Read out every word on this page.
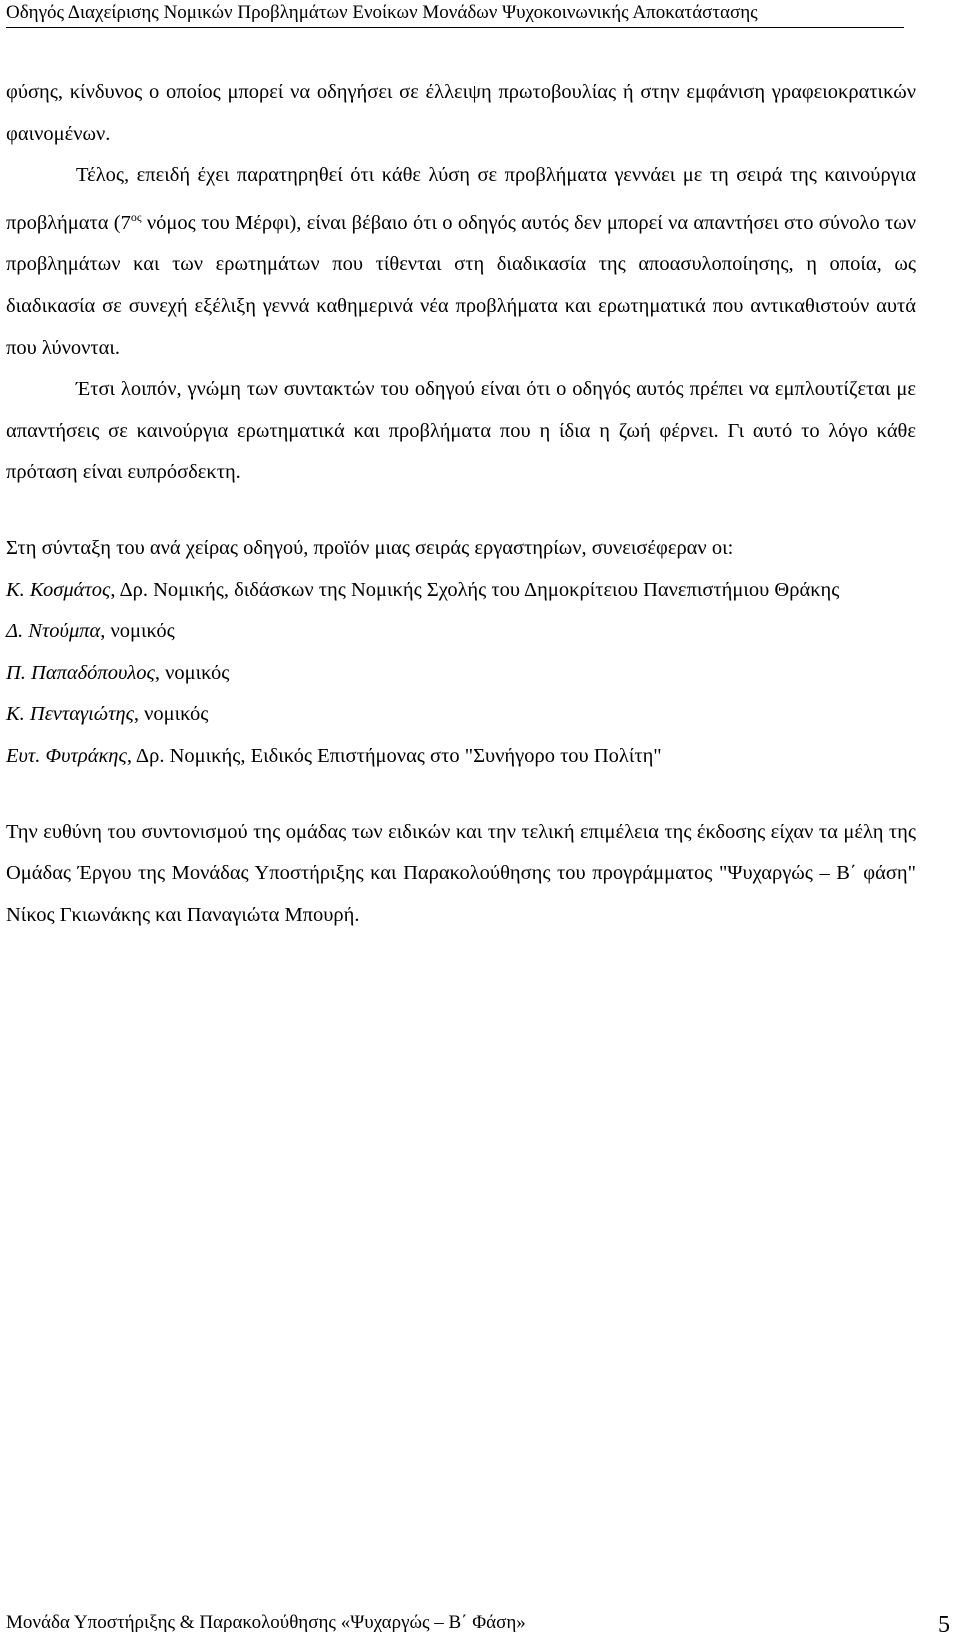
Οδηγός Διαχείρισης Νομικών Προβλημάτων Ενοίκων Μονάδων Ψυχοκοινωνικής Αποκατάστασης

φύσης, κίνδυνος ο οποίος μπορεί να οδηγήσει σε έλλειψη πρωτοβουλίας ή στην εμφάνιση γραφειοκρατικών φαινομένων.

Τέλος, επειδή έχει παρατηρηθεί ότι κάθε λύση σε προβλήματα γεννάει με τη σειρά της καινούργια προβλήματα ($7^{o\varsigma}$ νόμος του Μέρφι), είναι βέβαιο ότι ο οδηγός αυτός δεν μπορεί να απαντήσει στο σύνολο των προβλημάτων και των ερωτημάτων που τίθενται στη διαδικασία της αποασυλοποίησης, η οποία, ως διαδικασία σε συνεχή εξέλιξη γεννά καθημερινά νέα προβλήματα και ερωτηματικά που αντικαθιστούν αυτά που λύνονται.

Έτσι λοιπόν, γνώμη των συντακτών του οδηγού είναι ότι ο οδηγός αυτός πρέπει να εμπλουτίζεται με απαντήσεις σε καινούργια ερωτηματικά και προβλήματα που η ίδια η ζωή φέρνει. Γι αυτό το λόγο κάθε πρόταση είναι ευπρόσδεκτη.

Στη σύνταξη του ανά χείρας οδηγού, προϊόν μιας σειράς εργαστηρίων, συνεισέφεραν οι:

Κ. Κοσμάτος, Δρ. Νομικής, διδάσκων της Νομικής Σχολής του Δημοκρίτειου Πανεπιστήμιου Θράκης

Δ. Ντούμπα, νομικός

Π. Παπαδόπουλος, νομικός

Κ. Πενταγιώτης, νομικός

Ευτ. Φυτράκης, Δρ. Νομικής, Ειδικός Επιστήμονας στο "Συνήγορο του Πολίτη"

Την ευθύνη του συντονισμού της ομάδας των ειδικών και την τελική επιμέλεια της έκδοσης είχαν τα μέλη της Ομάδας Έργου της Μονάδας Υποστήριξης και Παρακολούθησης του προγράμματος "Ψυχαργώς – Β΄ φάση" Νίκος Γκιωνάκης και Παναγιώτα Μπουρή.

Μονάδα Υποστήριξης & Παρακολούθησης «Ψυχαργώς – Β΄ Φάση»	5
